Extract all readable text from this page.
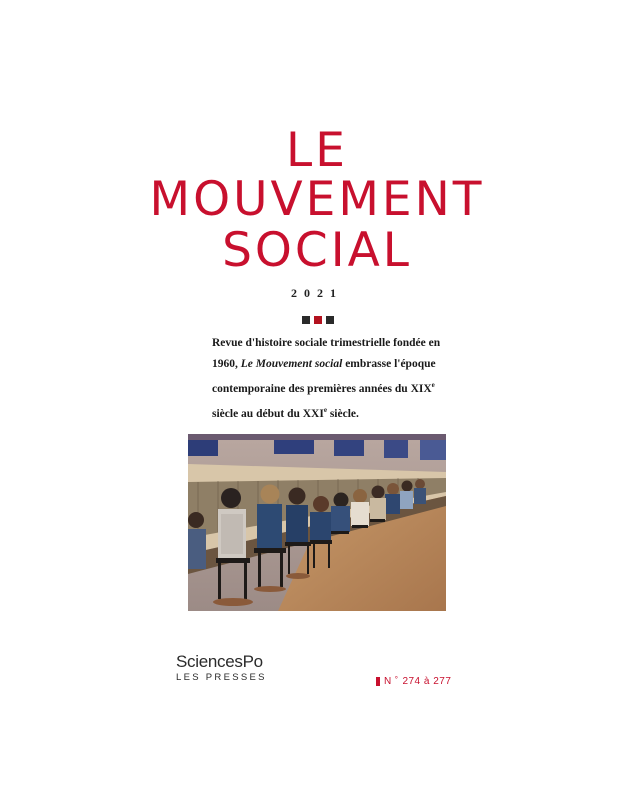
LE
MOUVEMENT
SOCIAL
2021
Revue d'histoire sociale trimestrielle fondée en 1960, Le Mouvement social embrasse l'époque contemporaine des premières années du XIXe siècle au début du XXIe siècle.
SciencesPo
LES PRESSES	N ° 274 à 277
